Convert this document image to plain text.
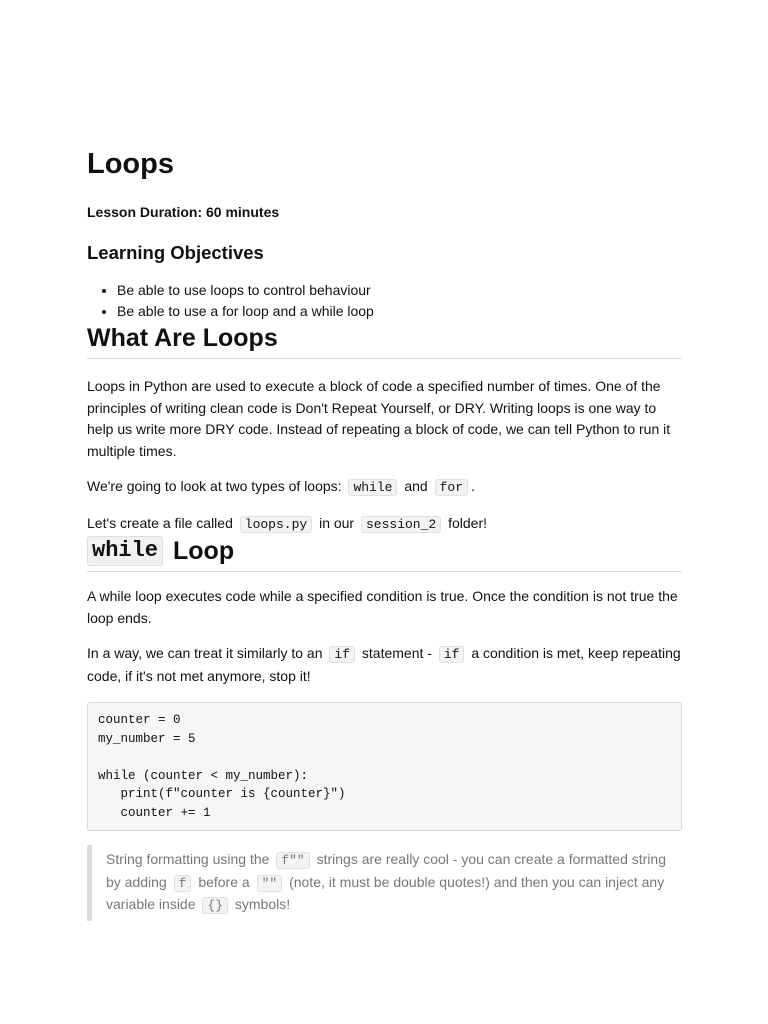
Loops
Lesson Duration: 60 minutes
Learning Objectives
• Be able to use loops to control behaviour
• Be able to use a for loop and a while loop
What Are Loops

Loops in Python are used to execute a block of code a specified number of times. One of the principles of writing clean code is Don't Repeat Yourself, or DRY. Writing loops is one way to help us write more DRY code. Instead of repeating a block of code, we can tell Python to run it multiple times.

We're going to look at two types of loops: while and for .

Let's create a file called loops.py in our session_2 folder!

while Loop

A while loop executes code while a specified condition is true. Once the condition is not true the loop ends.

In a way, we can treat it similarly to an if statement - if a condition is met, keep repeating code, if it's not met anymore, stop it!

counter = 0
my_number = 5

while (counter < my_number):
print(f"counter is {counter}")
counter += 1

String formatting using the f"" strings are really cool - you can create a formatted string by adding f before a "" (note, it must be double quotes!) and then you can inject any variable inside {} symbols!
